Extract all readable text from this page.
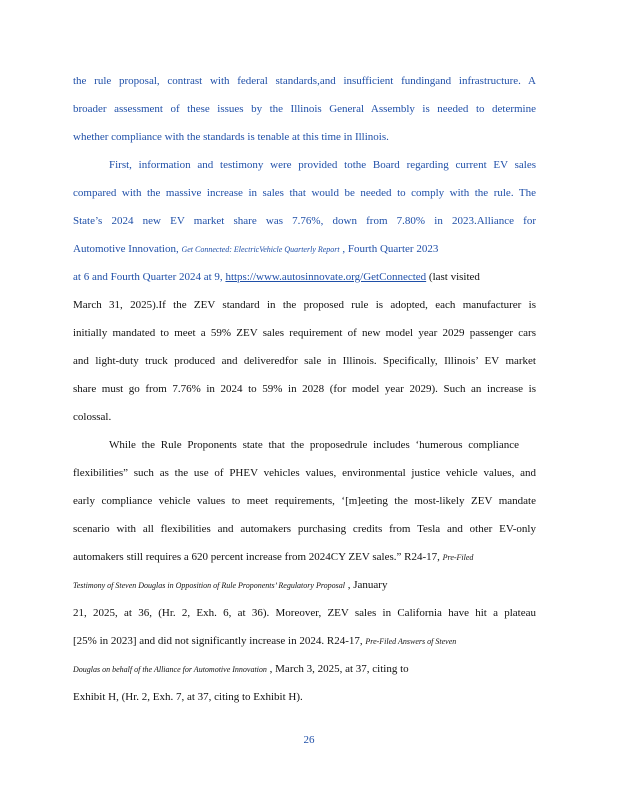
the rule proposal, contrast with federal standards,and insufficient fundingand infrastructure. A
broader assessment of these issues by the Illinois General Assembly is needed to determine
whether compliance with the standards is tenable at this time in Illinois.
First, information and testimony were provided tothe Board regarding current EV sales
compared with the massive increase in sales that would be needed to comply with the rule. The
State’s 2024 new EV market share was 7.76%, down from 7.80% in 2023.Alliance for
Automotive Innovation, Get Connected: ElectricVehicle Quarterly Report , Fourth Quarter 2023
at 6 and Fourth Quarter 2024 at 9, https://www.autosinnovate.org/GetConnected (last visited
March 31, 2025).If the ZEV standard in the proposed rule is adopted, each manufacturer is
initially mandated to meet a 59% ZEV sales requirement of new model year 2029 passenger cars
and light-duty truck produced and deliveredfor sale in Illinois. Specifically, Illinois’ EV market
share must go from 7.76% in 2024 to 59% in 2028 (for model year 2029). Such an increase is
colossal.
While the Rule Proponents state that the proposedrule includes ‘humerous compliance
flexibilities” such as the use of PHEV vehicles values, environmental justice vehicle values, and
early compliance vehicle values to meet requirements, ‘[m]eeting the most-likely ZEV mandate
scenario with all flexibilities and automakers purchasing credits from Tesla and other EV-only
automakers still requires a 620 percent increase from 2024CY ZEV sales.” R24-17, Pre-Filed
Testimony of Steven Douglas in Opposition of Rule Proponents’ Regulatory Proposal , January
21, 2025, at 36, (Hr. 2, Exh. 6, at 36). Moreover, ZEV sales in California have hit a plateau
[25% in 2023] and did not significantly increase in 2024. R24-17, Pre-Filed Answers of Steven
Douglas on behalf of the Alliance for Automotive Innovation , March 3, 2025, at 37, citing to
Exhibit H, (Hr. 2, Exh. 7, at 37, citing to Exhibit H).
26
